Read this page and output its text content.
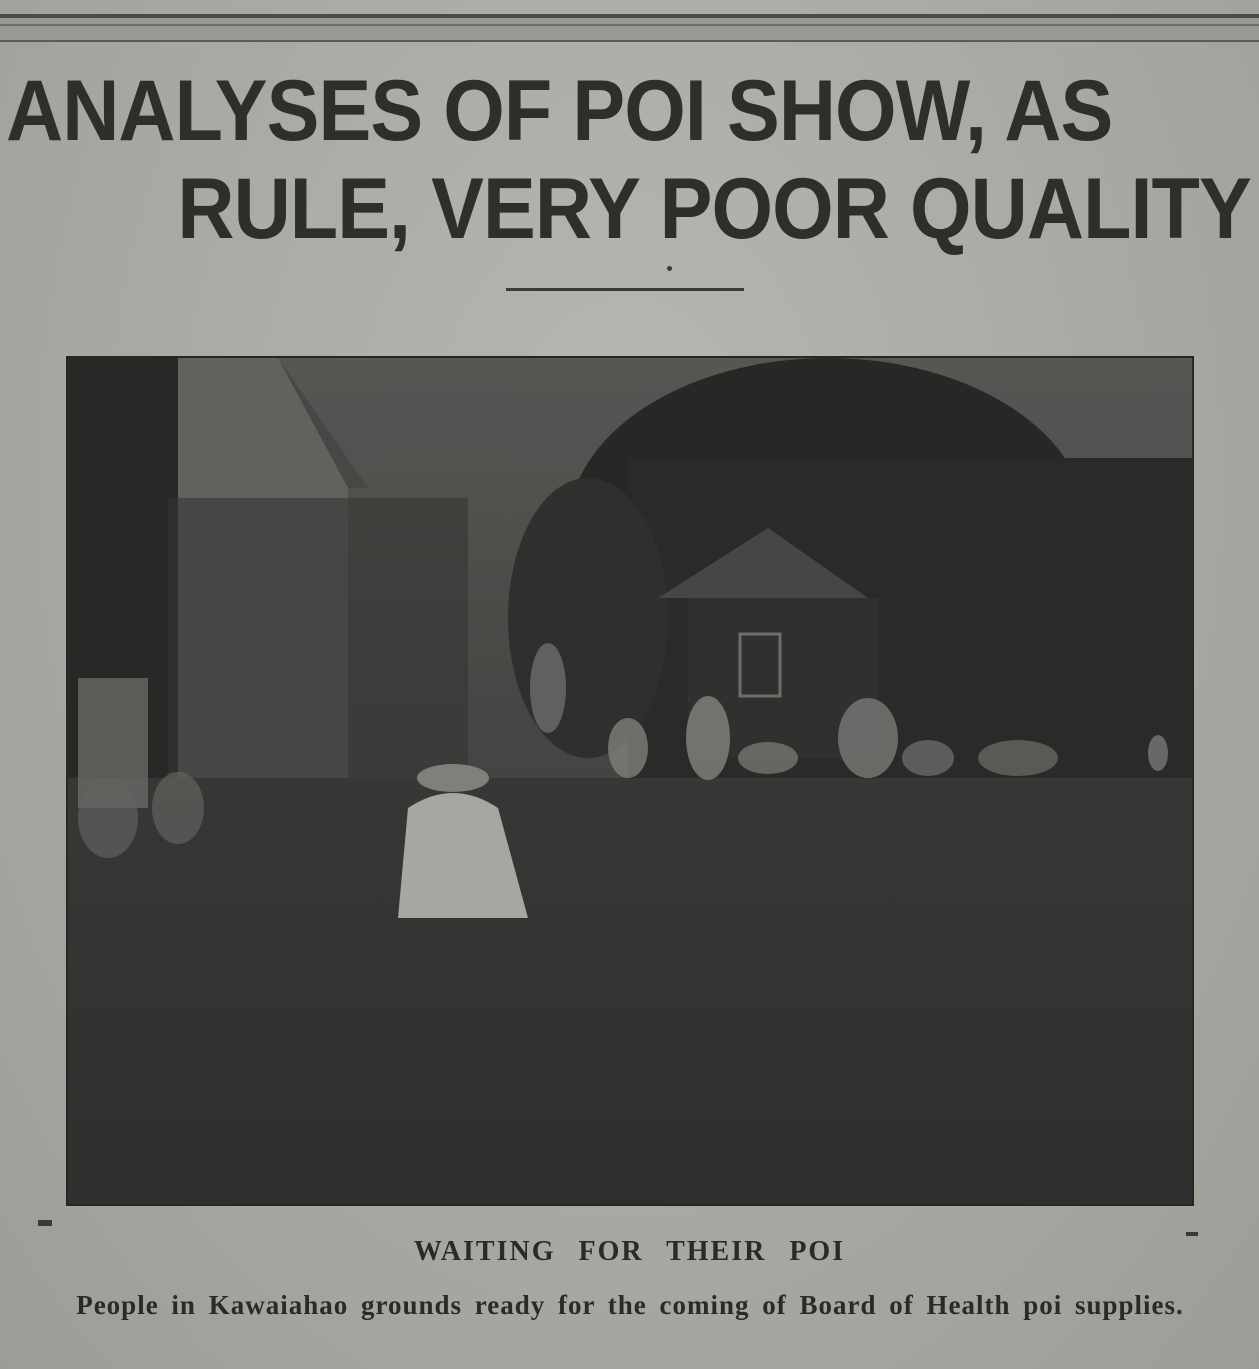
ANALYSES OF POI SHOW, AS
RULE, VERY POOR QUALITY
WAITING FOR THEIR POI
People in Kawaiahao grounds ready for the coming of Board of Health poi supplies.
